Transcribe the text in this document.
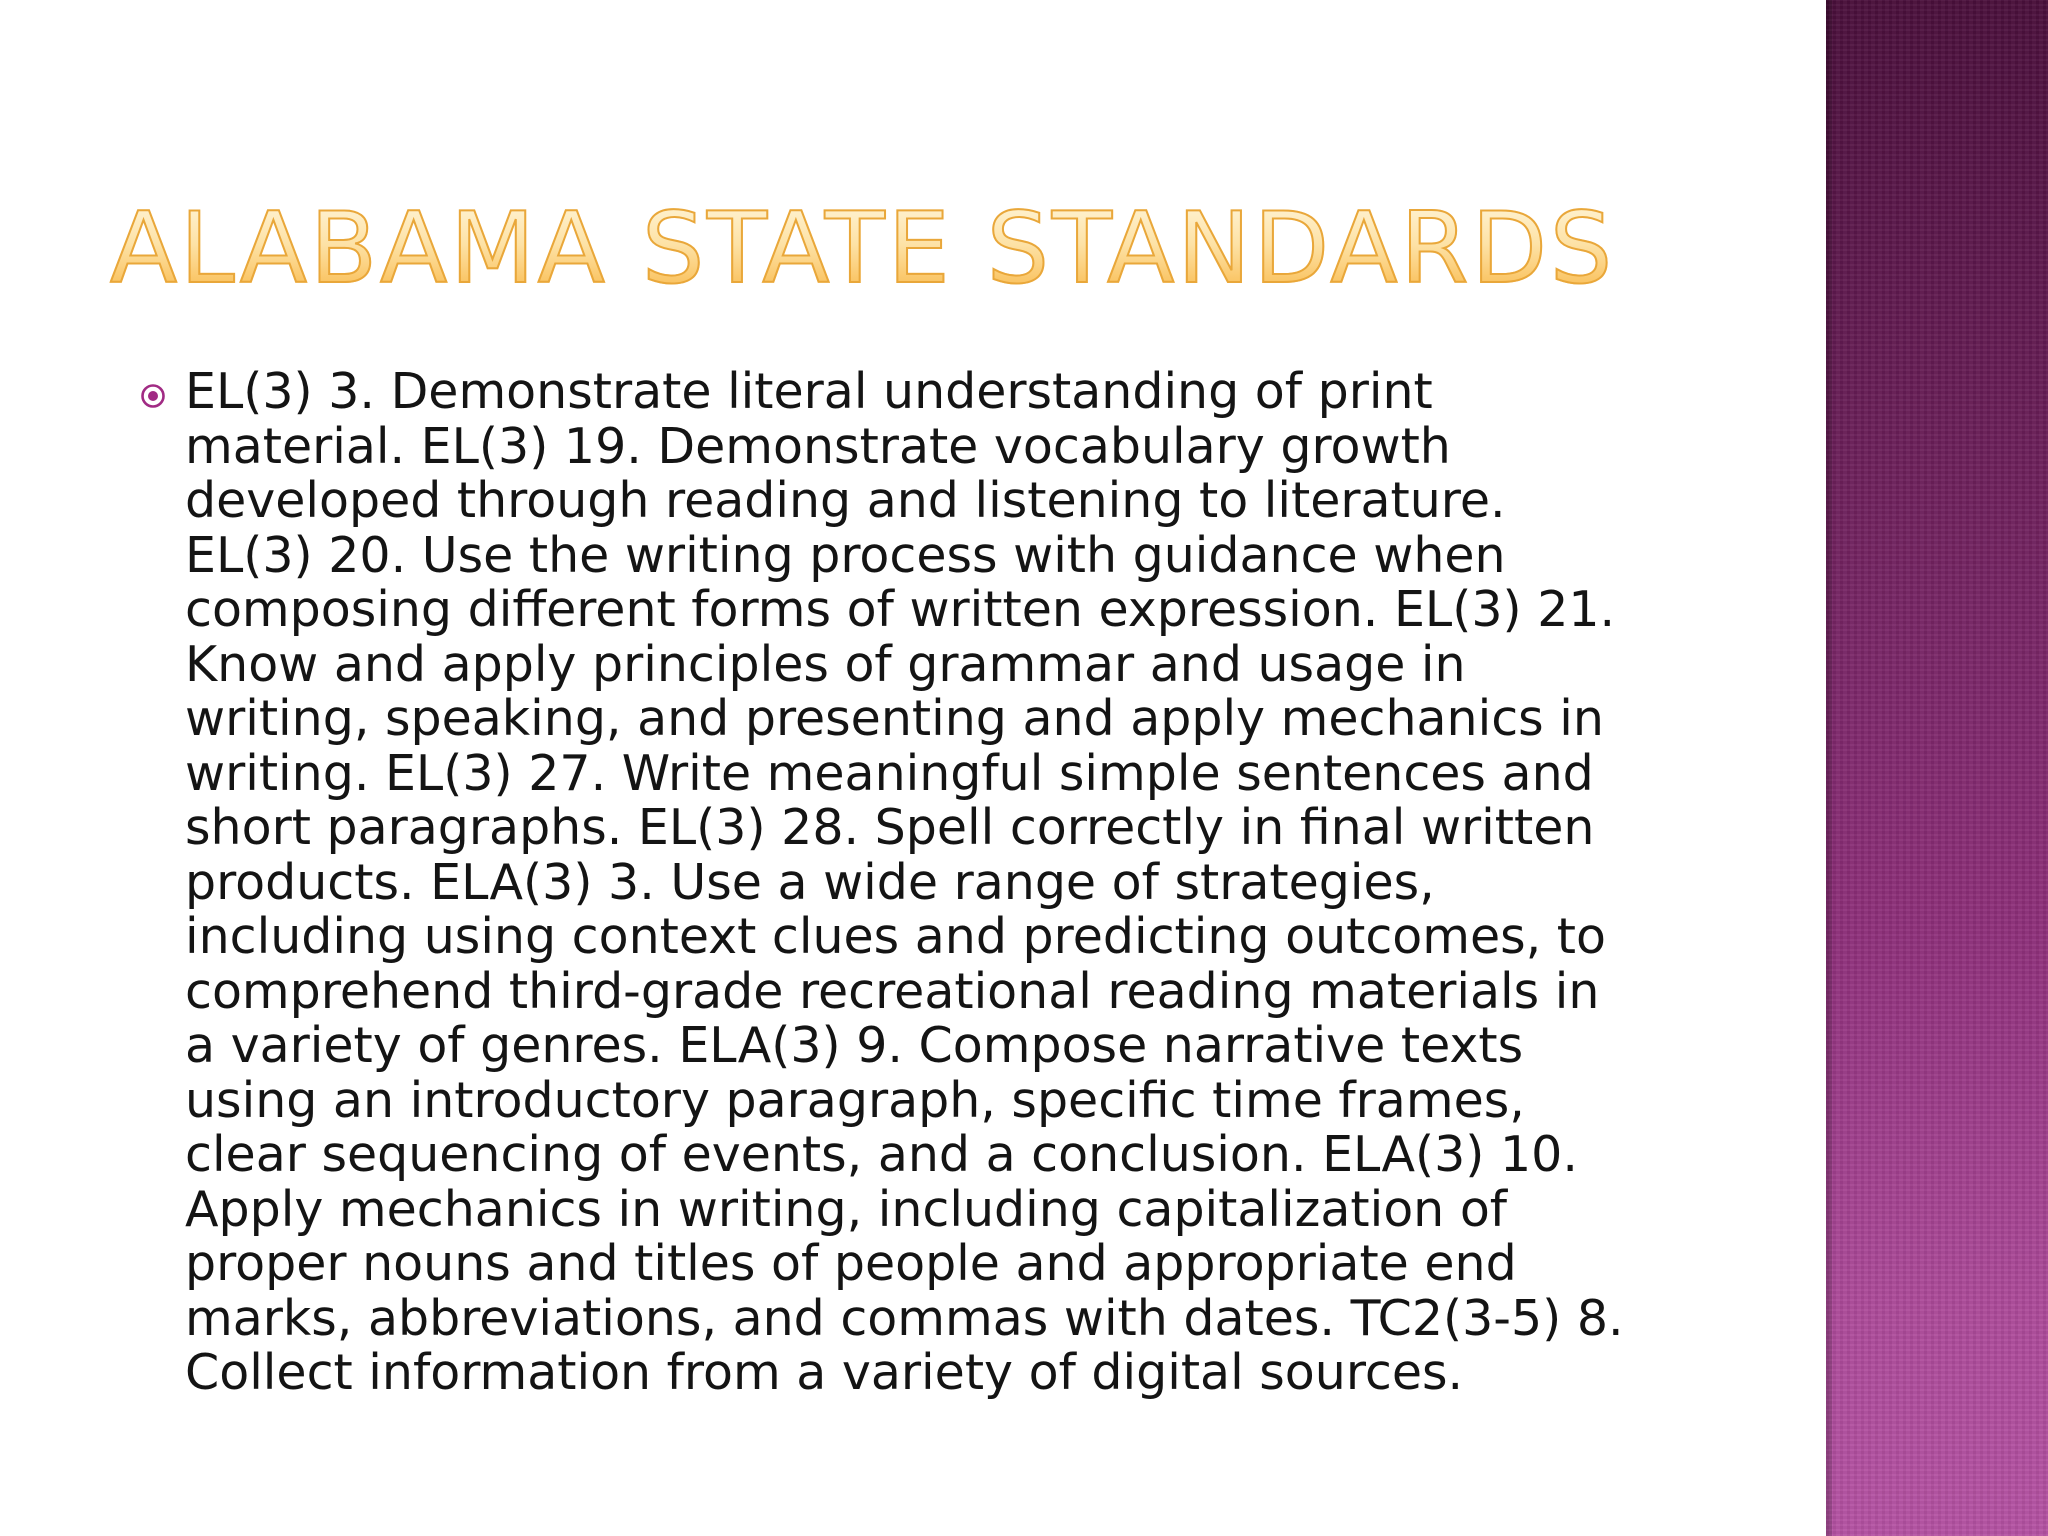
ALABAMA STATE STANDARDS

EL(3) 3. Demonstrate literal understanding of print
material. EL(3) 19. Demonstrate vocabulary growth
developed through reading and listening to literature.
EL(3) 20. Use the writing process with guidance when
composing different forms of written expression. EL(3) 21.
Know and apply principles of grammar and usage in
writing, speaking, and presenting and apply mechanics in
writing. EL(3) 27. Write meaningful simple sentences and
short paragraphs. EL(3) 28. Spell correctly in final written
products. ELA(3) 3. Use a wide range of strategies,
including using context clues and predicting outcomes, to
comprehend third-grade recreational reading materials in
a variety of genres. ELA(3) 9. Compose narrative texts
using an introductory paragraph, specific time frames,
clear sequencing of events, and a conclusion. ELA(3) 10.
Apply mechanics in writing, including capitalization of
proper nouns and titles of people and appropriate end
marks, abbreviations, and commas with dates. TC2(3-5) 8.
Collect information from a variety of digital sources.
